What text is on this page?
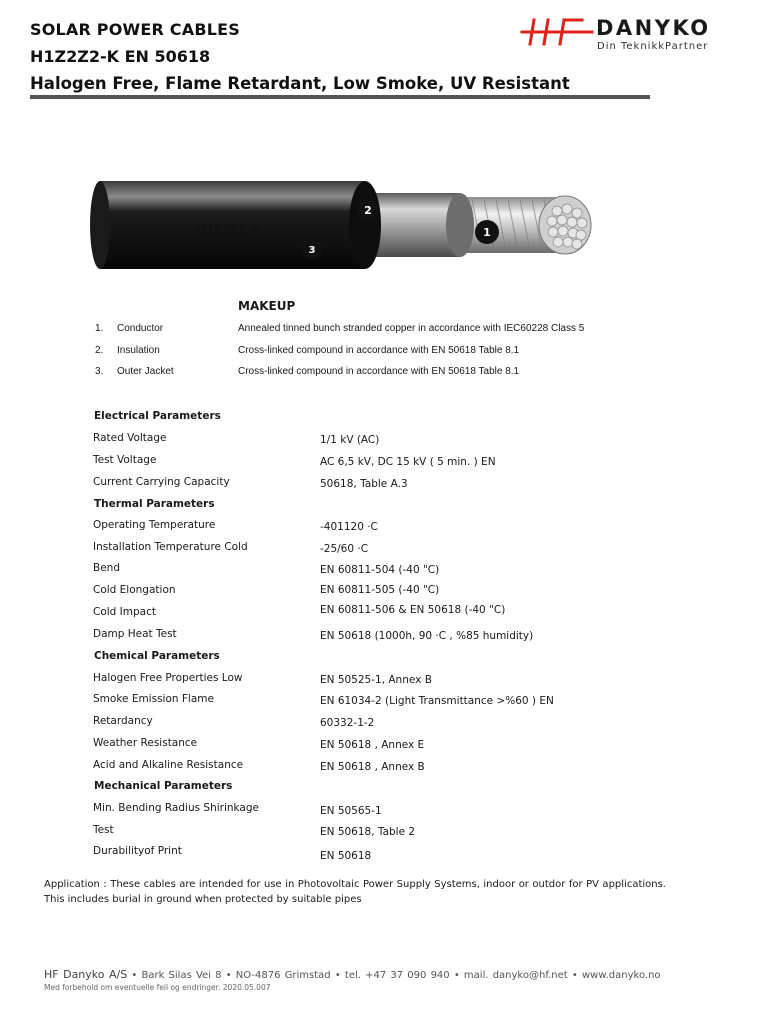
SOLAR POWER CABLES
H1Z2Z2-K EN 50618
Halogen Free, Flame Retardant, Low Smoke, UV Resistant
DANYKO
Din TeknikkPartner
H1Z2Z2-K	1
2
3
MAKEUP
1. Conductor	Annealed tinned bunch stranded copper in accordance with IEC60228 Class 5
2. Insulation	Cross-linked compound in accordance with EN 50618 Table 8.1
3. Outer Jacket	Cross-linked compound in accordance with EN 50618 Table 8.1
Electrical Parameters
Rated Voltage	1/1 kV (AC)
Test Voltage	AC 6,5 kV, DC 15 kV ( 5 min. ) EN
Current Carrying Capacity	50618, Table A.3
Thermal Parameters
Operating Temperature	-401120 ·C
Installation Temperature Cold	-25/60 ·C
Bend	EN 60811-504 (-40 "C)
Cold Elongation	EN 60811-505 (-40 "C)
Cold Impact	EN 60811-506 & EN 50618 (-40 "C)
Damp Heat Test	EN 50618 (1000h, 90 ·C , %85 humidity)
Chemical Parameters
Halogen Free Properties Low	EN 50525-1, Annex B
Smoke Emission Flame	EN 61034-2 (Light Transmittance >%60 ) EN
Retardancy	60332-1-2
Weather Resistance	EN 50618 , Annex E
Acid and Alkaline Resistance	EN 50618 , Annex B
Mechanical Parameters
Min. Bending Radius Shirinkage	EN 50565-1
Test	EN 50618, Table 2
Durabilityof Print	EN 50618
Application : These cables are intended for use in Photovoltaic Power Supply Systems, indoor or outdor for PV applications. This includes burial in ground when protected by suitable pipes
HF Danyko A/S • Bark Silas Vei 8 • NO-4876 Grimstad • tel. +47 37 090 940 • mail. danyko@hf.net • www.danyko.no
Med forbehold om eventuelle feil og endringer. 2020.05.007
